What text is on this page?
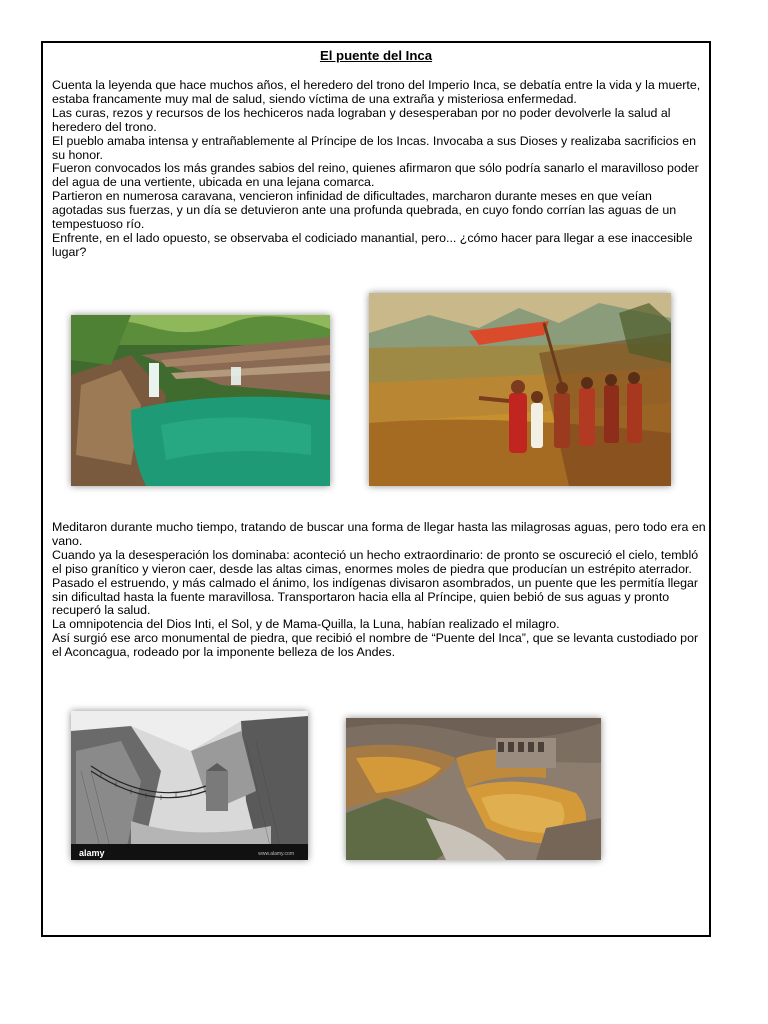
El puente del Inca

Cuenta la leyenda que hace muchos años, el heredero del trono del Imperio Inca, se debatía entre la vida y la muerte, estaba francamente muy mal de salud, siendo víctima de una extraña y misteriosa enfermedad.

Las curas, rezos y recursos de los hechiceros nada lograban y desesperaban por no poder devolverle la salud al heredero del trono.

El pueblo amaba intensa y entrañablemente al Príncipe de los Incas. Invocaba a sus Dioses y realizaba sacrificios en su honor.

Fueron convocados los más grandes sabios del reino, quienes afirmaron que sólo podría sanarlo el maravilloso poder del agua de una vertiente, ubicada en una lejana comarca.

Partieron en numerosa caravana, vencieron infinidad de dificultades, marcharon durante meses en que veían agotadas sus fuerzas, y un día se detuvieron ante una profunda quebrada, en cuyo fondo corrían las aguas de un tempestuoso río.

Enfrente, en el lado opuesto, se observaba el codiciado manantial, pero... ¿cómo hacer para llegar a ese inaccesible lugar?

Meditaron durante mucho tiempo, tratando de buscar una forma de llegar hasta las milagrosas aguas, pero todo era en vano.

Cuando ya la desesperación los dominaba: aconteció un hecho extraordinario: de pronto se oscureció el cielo, tembló el piso granítico y vieron caer, desde las altas cimas, enormes moles de piedra que producían un estrépito aterrador.

Pasado el estruendo, y más calmado el ánimo, los indígenas divisaron asombrados, un puente que les permitía llegar sin dificultad hasta la fuente maravillosa. Transportaron hacia ella al Príncipe, quien bebió de sus aguas y pronto recuperó la salud.

La omnipotencia del Dios Inti, el Sol, y de Mama-Quilla, la Luna, habían realizado el milagro.

Así surgió ese arco monumental de piedra, que recibió el nombre de “Puente del Inca”, que se levanta custodiado por el Aconcagua, rodeado por la imponente belleza de los Andes.

alamy	www.alamy.com
